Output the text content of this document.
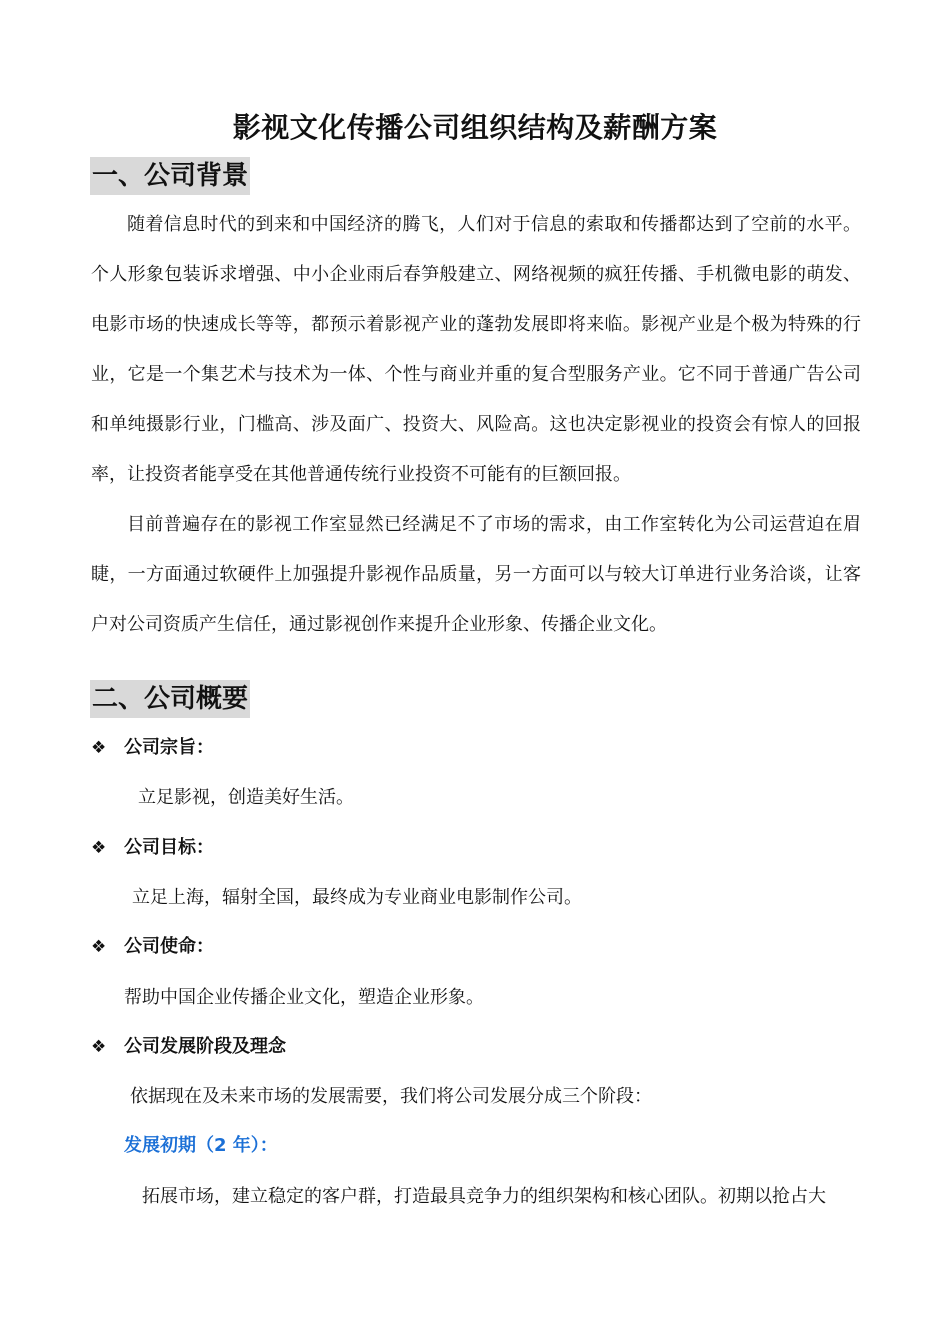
影视文化传播公司组织结构及薪酬方案
一、公司背景
随着信息时代的到来和中国经济的腾飞，人们对于信息的索取和传播都达到了空前的水平。个人形象包装诉求增强、中小企业雨后春笋般建立、网络视频的疯狂传播、手机微电影的萌发、电影市场的快速成长等等，都预示着影视产业的蓬勃发展即将来临。影视产业是个极为特殊的行业，它是一个集艺术与技术为一体、个性与商业并重的复合型服务产业。它不同于普通广告公司和单纯摄影行业，门槛高、涉及面广、投资大、风险高。这也决定影视业的投资会有惊人的回报率，让投资者能享受在其他普通传统行业投资不可能有的巨额回报。
目前普遍存在的影视工作室显然已经满足不了市场的需求，由工作室转化为公司运营迫在眉睫，一方面通过软硬件上加强提升影视作品质量，另一方面可以与较大订单进行业务洽谈，让客户对公司资质产生信任，通过影视创作来提升企业形象、传播企业文化。
二、公司概要
❖ 公司宗旨：
立足影视，创造美好生活。
❖ 公司目标：
立足上海，辐射全国，最终成为专业商业电影制作公司。
❖ 公司使命：
帮助中国企业传播企业文化，塑造企业形象。
❖ 公司发展阶段及理念
依据现在及未来市场的发展需要，我们将公司发展分成三个阶段：
发展初期（2 年）：
拓展市场，建立稳定的客户群，打造最具竞争力的组织架构和核心团队。初期以抢占大
